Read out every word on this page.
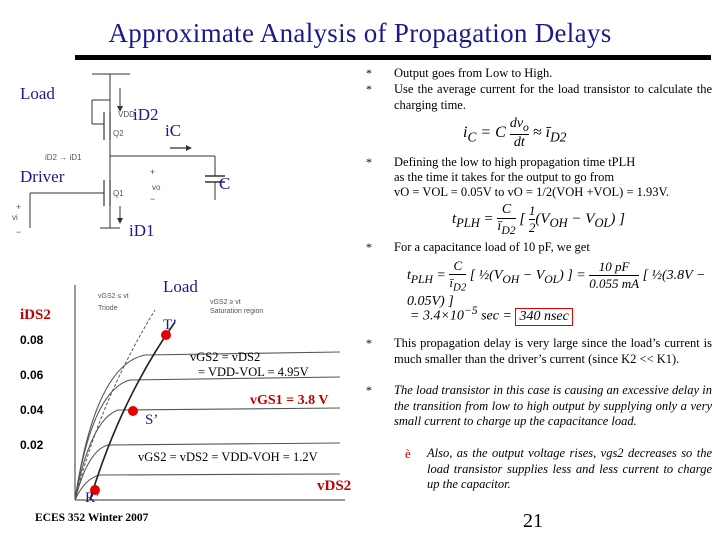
Approximate Analysis of Propagation Delays
Load
Driver
iD2 → iD1
+
−
+
−
VDD
Q2
Q1
vo
vi
iD2
iC
C
iD1
Load
iDS2
vGS2 ≤ vt
Triode
vGS2 ≥ vt
Saturation region
0.08
0.06
0.04
0.02
T’
S’
R’
vGS2 = vDS2
= VDD-VOL = 4.95V
vGS1 = 3.8 V
vGS2 = vDS2 = VDD-VOH = 1.2V
vDS2
ECES 352 Winter 2007
*
*
Output goes from Low to High.
Use the average current for the load transistor to calculate the charging time.
$i_C = C$
$dv_o$
dt
≈ $ī_{D2}$
* Defining the low to high propagation time tPLH
as the time it takes for the output to go from
vO = VOL = 0.05V to vO = 1/2(VOH +VOL) = 1.93V.
$t_{PLH} = \frac{C}{ī_{D2}}$ [ $\frac{1}{2} (V_{OH} - V_{OL})$ ]
* For a capacitance load of 10 pF, we get
$t_{PLH} = \frac{C}{ī_{D2}}$ [ $\frac{1}{2}(V_{OH} - V_{OL})$ ] = $\frac{10 pF}{0.055 mA}$ [ ½(3.8V − 0.05V) ]
= $3.4\times 10^{-5}$ sec = 340 nsec
* This propagation delay is very large since the load’s current is much smaller than the driver’s current (since K2 << K1).
* The load transistor in this case is causing an excessive delay in the transition from low to high output by supplying only a very small current to charge up the capacitance load.
è Also, as the output voltage rises, vgs2 decreases so the load transistor supplies less and less current to charge up the capacitor.
21
